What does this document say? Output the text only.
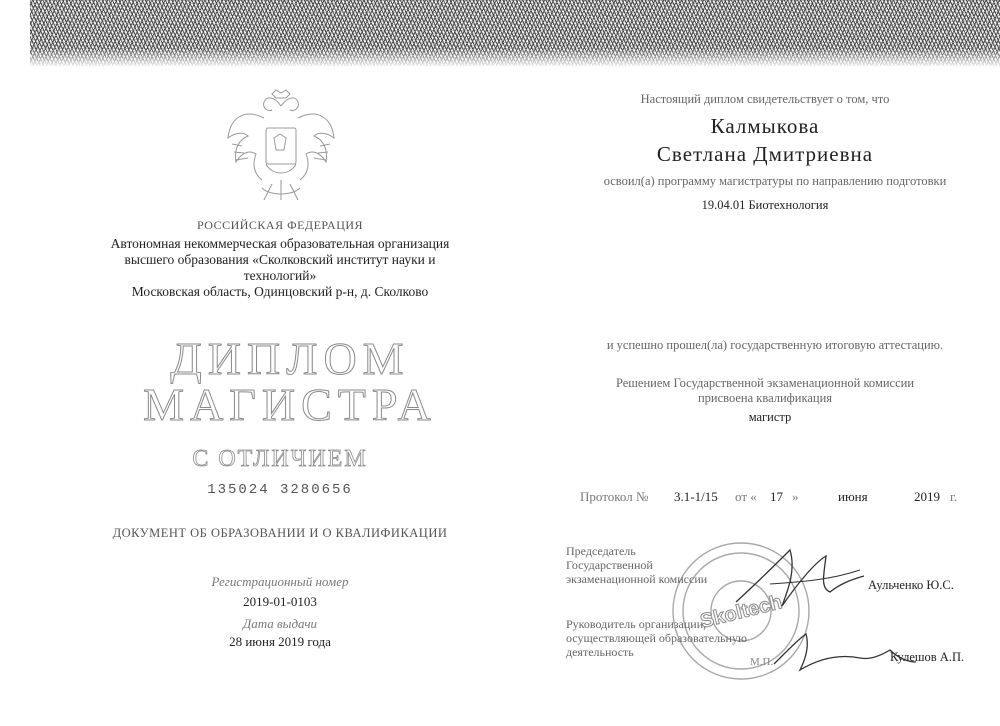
РОССИЙСКАЯ ФЕДЕРАЦИЯ
Автономная некоммерческая образовательная организация
высшего образования «Сколковский институт науки и технологий»
Московская область, Одинцовский р-н, д. Сколково
ДИПЛОМ
МАГИСТРА
С ОТЛИЧИЕМ
135024 3280656
ДОКУМЕНТ ОБ ОБРАЗОВАНИИ И О КВАЛИФИКАЦИИ
Регистрационный номер
2019-01-0103
Дата выдачи
28 июня 2019 года
Настоящий диплом свидетельствует о том, что
Калмыкова
Светлана Дмитриевна
освоил(а) программу магистратуры по направлению подготовки
19.04.01 Биотехнология
и успешно прошел(ла) государственную итоговую аттестацию.
Решением Государственной экзаменационной комиссии
присвоена квалификация
магистр
Протокол № 3.1-1/15 от « 17 »	июня	2019 г.
Skoltech
Председатель
Государственной
экзаменационной комиссии	Аульченко Ю.С.
Руководитель организации,
осуществляющей образовательную
деятельность
М.П.	Кулешов А.П.
